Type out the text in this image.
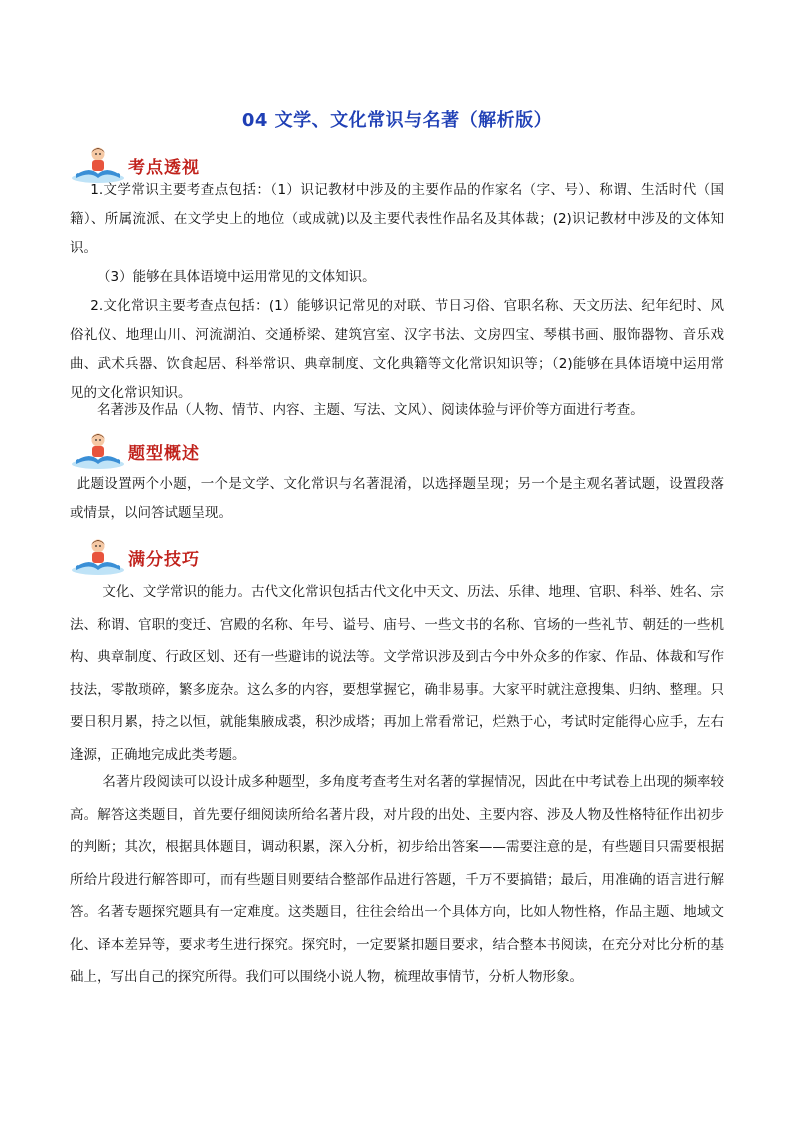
04 文学、文化常识与名著（解析版）
考点透视
1.文学常识主要考查点包括：（1）识记教材中涉及的主要作品的作家名（字、号）、称谓、生活时代（国籍）、所属流派、在文学史上的地位（或成就)以及主要代表性作品名及其体裁；(2)识记教材中涉及的文体知识。
（3）能够在具体语境中运用常见的文体知识。
2.文化常识主要考查点包括：(1）能够识记常见的对联、节日习俗、官职名称、天文历法、纪年纪时、风俗礼仪、地理山川、河流湖泊、交通桥梁、建筑宫室、汉字书法、文房四宝、琴棋书画、服饰器物、音乐戏曲、武术兵器、饮食起居、科举常识、典章制度、文化典籍等文化常识知识等；（2)能够在具体语境中运用常见的文化常识知识。
名著涉及作品（人物、情节、内容、主题、写法、文风）、阅读体验与评价等方面进行考查。
题型概述
此题设置两个小题，一个是文学、文化常识与名著混淆，以选择题呈现；另一个是主观名著试题，设置段落或情景，以问答试题呈现。
满分技巧
文化、文学常识的能力。古代文化常识包括古代文化中天文、历法、乐律、地理、官职、科举、姓名、宗法、称谓、官职的变迁、宫殿的名称、年号、谥号、庙号、一些文书的名称、官场的一些礼节、朝廷的一些机构、典章制度、行政区划、还有一些避讳的说法等。文学常识涉及到古今中外众多的作家、作品、体裁和写作技法，零散琐碎，繁多庞杂。这么多的内容，要想掌握它，确非易事。大家平时就注意搜集、归纳、整理。只要日积月累，持之以恒，就能集腋成裘，积沙成塔；再加上常看常记，烂熟于心，考试时定能得心应手，左右逢源，正确地完成此类考题。
名著片段阅读可以设计成多种题型，多角度考查考生对名著的掌握情况，因此在中考试卷上出现的频率较高。解答这类题目，首先要仔细阅读所给名著片段，对片段的出处、主要内容、涉及人物及性格特征作出初步的判断；其次，根据具体题目，调动积累，深入分析，初步给出答案——需要注意的是，有些题目只需要根据所给片段进行解答即可，而有些题目则要结合整部作品进行答题，千万不要搞错；最后，用准确的语言进行解答。名著专题探究题具有一定难度。这类题目，往往会给出一个具体方向，比如人物性格，作品主题、地域文化、译本差异等，要求考生进行探究。探究时，一定要紧扣题目要求，结合整本书阅读，在充分对比分析的基础上，写出自己的探究所得。我们可以围绕小说人物，梳理故事情节，分析人物形象。
